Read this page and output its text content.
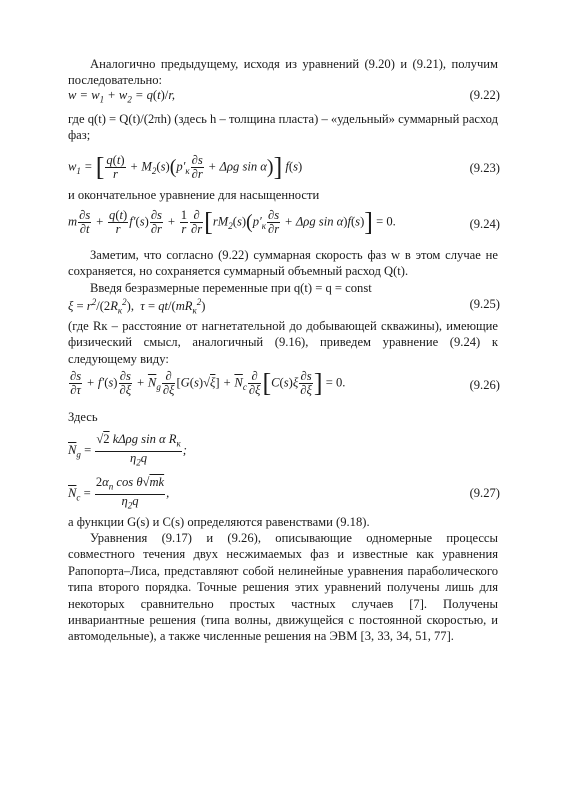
Аналогично предыдущему, исходя из уравнений (9.20) и (9.21), получим последовательно:
$w = w_1 + w_2 = q(t)/r$,	(9.22)
где q(t) = Q(t)/(2πh) (здесь h – толщина пласта) – «удельный» суммарный расход фаз;
$w_1$ = [ $\frac{q(t)}{r} + M_2(s)(p'_к \frac{\partial s}{\partial r} + \Delta\rho g$ sin α)] f(s)	(9.23)
и окончательное уравнение для насыщенности
m $\frac{\partial s}{\partial t} + \frac{q(t)}{r} f'(s) \frac{\partial s}{\partial r} + \frac{1}{r} \frac{\partial}{\partial r} [rM_2(s)(p'_к \frac{\partial s}{\partial r} + \Delta\rho g$ sin α)f(s)] = 0.	(9.24)
Заметим, что согласно (9.22) суммарная скорость фаз w в этом случае не сохраняется, но сохраняется суммарный объемный расход Q(t).
Введя безразмерные переменные при q(t) = q = const
$\xi = r^2/(2R_к^2)$,  $\tau = qt/(mR_к^2)$	(9.25)
(где Rк – расстояние от нагнетательной до добывающей скважины), имеющие физический смысл, аналогичный (9.16), приведем уравнение (9.24) к следующему виду:
$\frac{\partial s}{\partial\tau} + f'(s) \frac{\partial s}{\partial\xi} + \overline{N}_g \frac{\partial}{\partial\xi} [G(s)√\xi] + \overline{N}_c \frac{\partial}{\partial\xi} [C(s)\xi \frac{\partial s}{\partial\xi}$ ] = 0.	(9.26)
Здесь
$\overline{N}_g = \frac{√2 k\Delta\rho g \sin \alpha R_к}{\eta_2q}$ ;
$\overline{N}_c = \frac{2\alpha_п \cos \theta√mk}{\eta_2q}$ ,	(9.27)
а функции G(s) и C(s) определяются равенствами (9.18).
Уравнения (9.17) и (9.26), описывающие одномерные процессы совместного течения двух несжимаемых фаз и известные как уравнения Рапопорта–Лиса, представляют собой нелинейные уравнения параболического типа второго порядка. Точные решения этих уравнений получены лишь для некоторых сравнительно простых частных случаев [7]. Получены инвариантные решения (типа волны, движущейся с постоянной скоростью, и автомодельные), а также численные решения на ЭВМ [3, 33, 34, 51, 77].
